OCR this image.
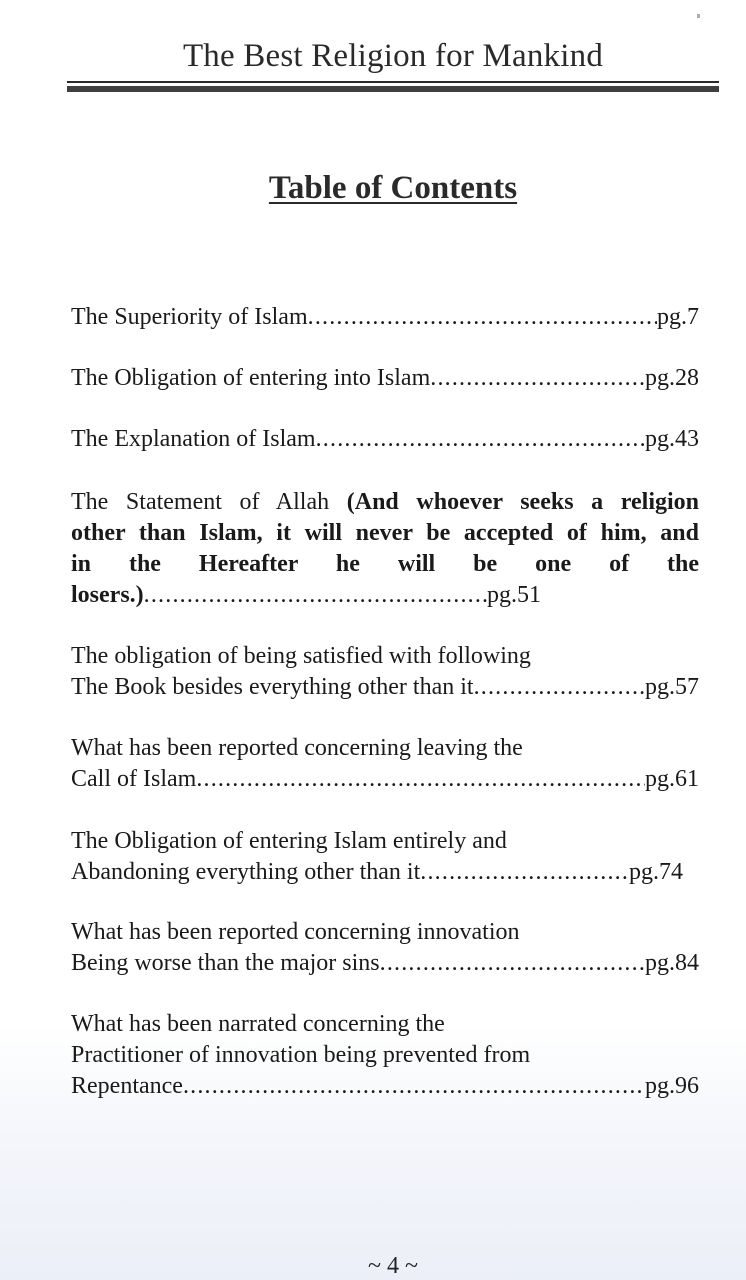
The Best Religion for Mankind
Table of Contents
The Superiority of Islam .....	pg.7
The Obligation of entering into Islam .....	pg.28
The Explanation of Islam .....	pg.43
The Statement of Allah (And whoever seeks a religion
other than Islam, it will never be accepted of him, and
in the Hereafter he will be one of the
losers.) .....	pg.51
The obligation of being satisfied with following
The Book besides everything other than it .....	pg.57
What has been reported concerning leaving the
Call of Islam .....	pg.61
The Obligation of entering Islam entirely and
Abandoning everything other than it .....	pg.74
What has been reported concerning innovation
Being worse than the major sins .....	pg.84
What has been narrated concerning the
Practitioner of innovation being prevented from
Repentance .....	pg.96
~ 4 ~
